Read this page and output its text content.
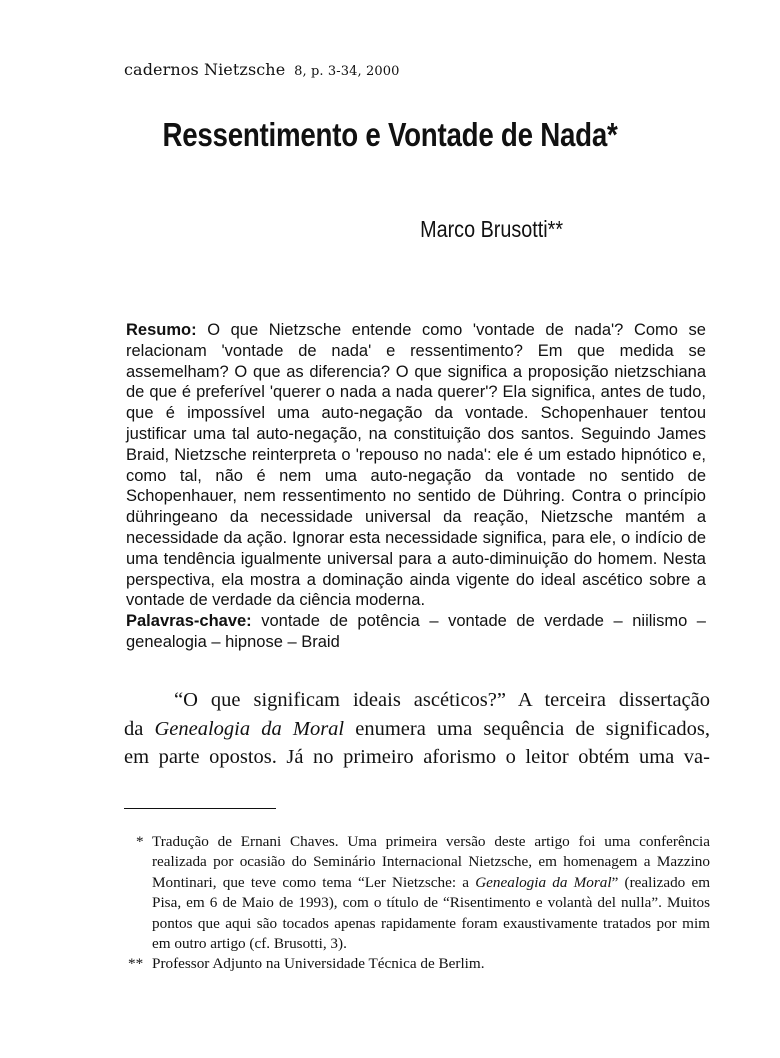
cadernos Nietzsche 8, p. 3-34, 2000
Ressentimento e Vontade de Nada*
Marco Brusotti**

Resumo: O que Nietzsche entende como 'vontade de nada'? Como se relacionam 'vontade de nada' e ressentimento? Em que medida se assemelham? O que as diferencia? O que significa a proposição nietzschiana de que é preferível 'querer o nada a nada querer'? Ela significa, antes de tudo, que é impossível uma auto-negação da vontade. Schopenhauer tentou justificar uma tal auto-negação, na constituição dos santos. Seguindo James Braid, Nietzsche reinterpreta o 'repouso no nada': ele é um estado hipnótico e, como tal, não é nem uma auto-negação da vontade no sentido de Schopenhauer, nem ressentimento no sentido de Dühring. Contra o princípio dühringeano da necessidade universal da reação, Nietzsche mantém a necessidade da ação. Ignorar esta necessidade significa, para ele, o indício de uma tendência igualmente universal para a auto-diminuição do homem. Nesta perspectiva, ela mostra a dominação ainda vigente do ideal ascético sobre a vontade de verdade da ciência moderna.

Palavras-chave: vontade de potência – vontade de verdade – niilismo – genealogia – hipnose – Braid

“O que significam ideais ascéticos?” A terceira dissertação
da Genealogia da Moral enumera uma sequência de significados,
em parte opostos. Já no primeiro aforismo o leitor obtém uma va-
* Tradução de Ernani Chaves. Uma primeira versão deste artigo foi uma conferência realizada por ocasião do Seminário Internacional Nietzsche, em homenagem a Mazzino Montinari, que teve como tema “Ler Nietzsche: a Genealogia da Moral” (realizado em Pisa, em 6 de Maio de 1993), com o título de “Risentimento e volantà del nulla”. Muitos pontos que aqui são tocados apenas rapidamente foram exaustivamente tratados por mim em outro artigo (cf. Brusotti, 3).
** Professor Adjunto na Universidade Técnica de Berlim.
